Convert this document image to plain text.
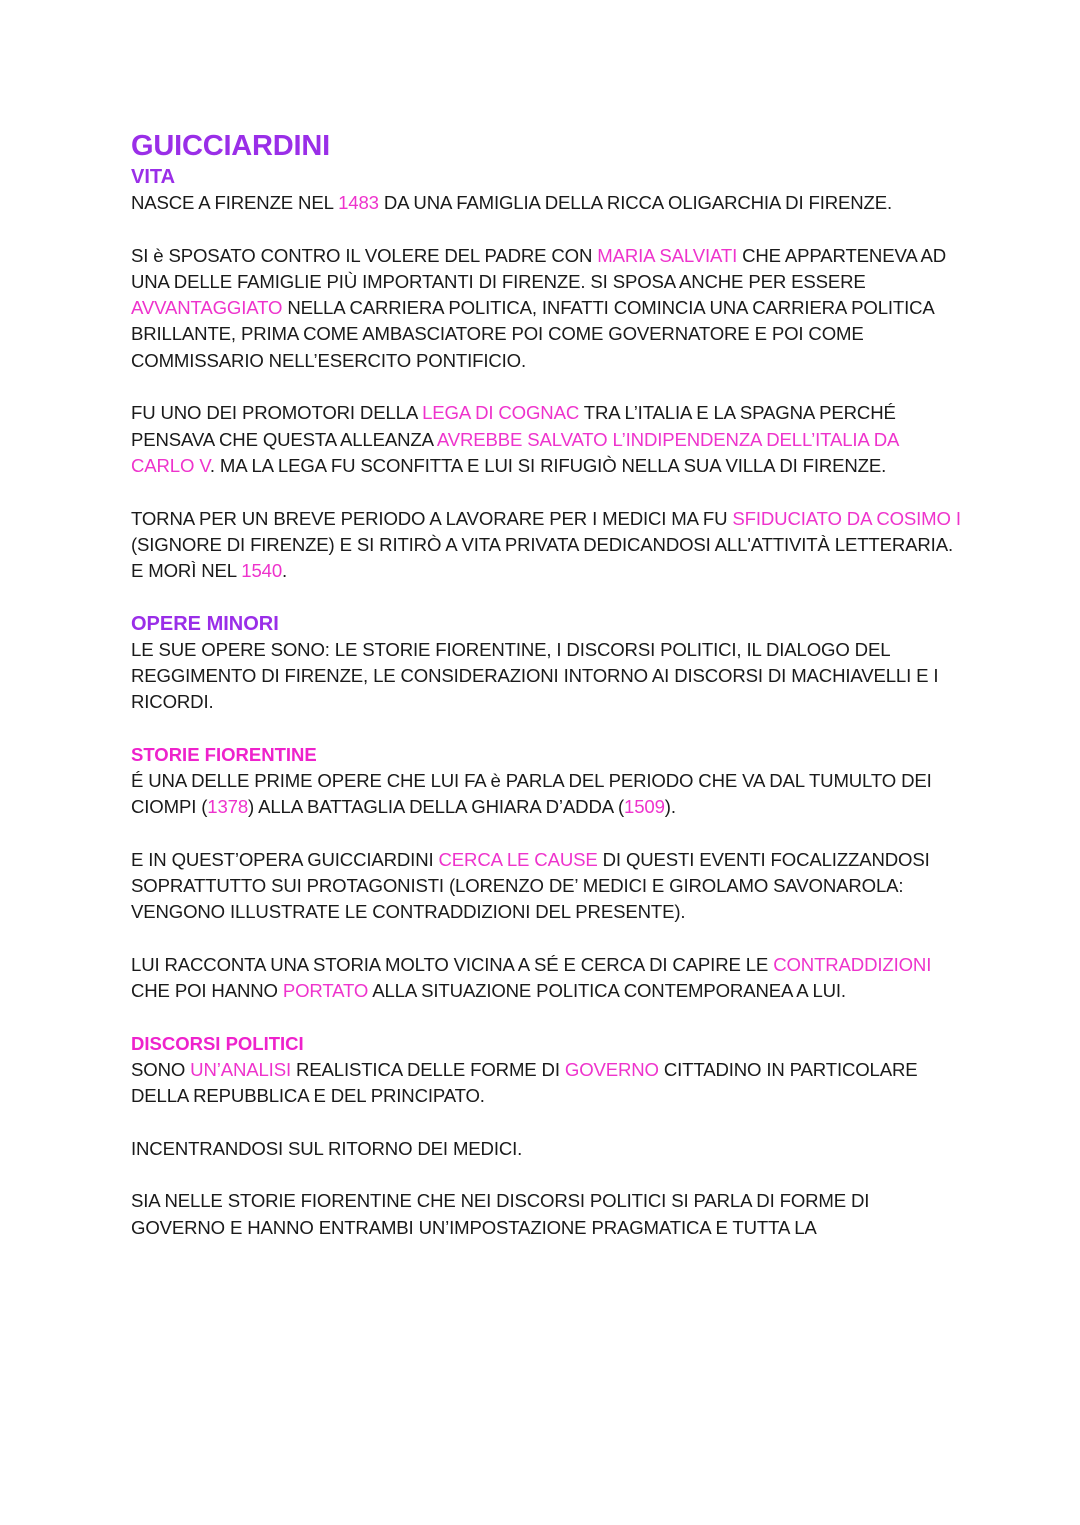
GUICCIARDINI
VITA

NASCE A FIRENZE NEL 1483 DA UNA FAMIGLIA DELLA RICCA OLIGARCHIA DI FIRENZE.

SI è SPOSATO CONTRO IL VOLERE DEL PADRE CON MARIA SALVIATI CHE APPARTENEVA AD UNA DELLE FAMIGLIE PIÙ IMPORTANTI DI FIRENZE. SI SPOSA ANCHE PER ESSERE AVVANTAGGIATO NELLA CARRIERA POLITICA, INFATTI COMINCIA UNA CARRIERA POLITICA BRILLANTE, PRIMA COME AMBASCIATORE POI COME GOVERNATORE E POI COME COMMISSARIO NELL’ESERCITO PONTIFICIO.

FU UNO DEI PROMOTORI DELLA LEGA DI COGNAC TRA L’ITALIA E LA SPAGNA PERCHÉ PENSAVA CHE QUESTA ALLEANZA AVREBBE SALVATO L’INDIPENDENZA DELL’ITALIA DA CARLO V. MA LA LEGA FU SCONFITTA E LUI SI RIFUGIÒ NELLA SUA VILLA DI FIRENZE.

TORNA PER UN BREVE PERIODO A LAVORARE PER I MEDICI MA FU SFIDUCIATO DA COSIMO I (SIGNORE DI FIRENZE) E SI RITIRÒ A VITA PRIVATA DEDICANDOSI ALL'ATTIVITÀ LETTERARIA. E MORÌ NEL 1540.

OPERE MINORI

LE SUE OPERE SONO: LE STORIE FIORENTINE, I DISCORSI POLITICI, IL DIALOGO DEL REGGIMENTO DI FIRENZE, LE CONSIDERAZIONI INTORNO AI DISCORSI DI MACHIAVELLI E I RICORDI.

STORIE FIORENTINE

É UNA DELLE PRIME OPERE CHE LUI FA è PARLA DEL PERIODO CHE VA DAL TUMULTO DEI CIOMPI (1378) ALLA BATTAGLIA DELLA GHIARA D’ADDA (1509).

E IN QUEST’OPERA GUICCIARDINI CERCA LE CAUSE DI QUESTI EVENTI FOCALIZZANDOSI SOPRATTUTTO SUI PROTAGONISTI (LORENZO DE’ MEDICI E GIROLAMO SAVONAROLA: VENGONO ILLUSTRATE LE CONTRADDIZIONI DEL PRESENTE).

LUI RACCONTA UNA STORIA MOLTO VICINA A SÉ E CERCA DI CAPIRE LE CONTRADDIZIONI CHE POI HANNO PORTATO ALLA SITUAZIONE POLITICA CONTEMPORANEA A LUI.

DISCORSI POLITICI

SONO UN’ANALISI REALISTICA DELLE FORME DI GOVERNO CITTADINO IN PARTICOLARE DELLA REPUBBLICA E DEL PRINCIPATO.

INCENTRANDOSI SUL RITORNO DEI MEDICI.

SIA NELLE STORIE FIORENTINE CHE NEI DISCORSI POLITICI SI PARLA DI FORME DI GOVERNO E HANNO ENTRAMBI UN’IMPOSTAZIONE PRAGMATICA E TUTTA LA
